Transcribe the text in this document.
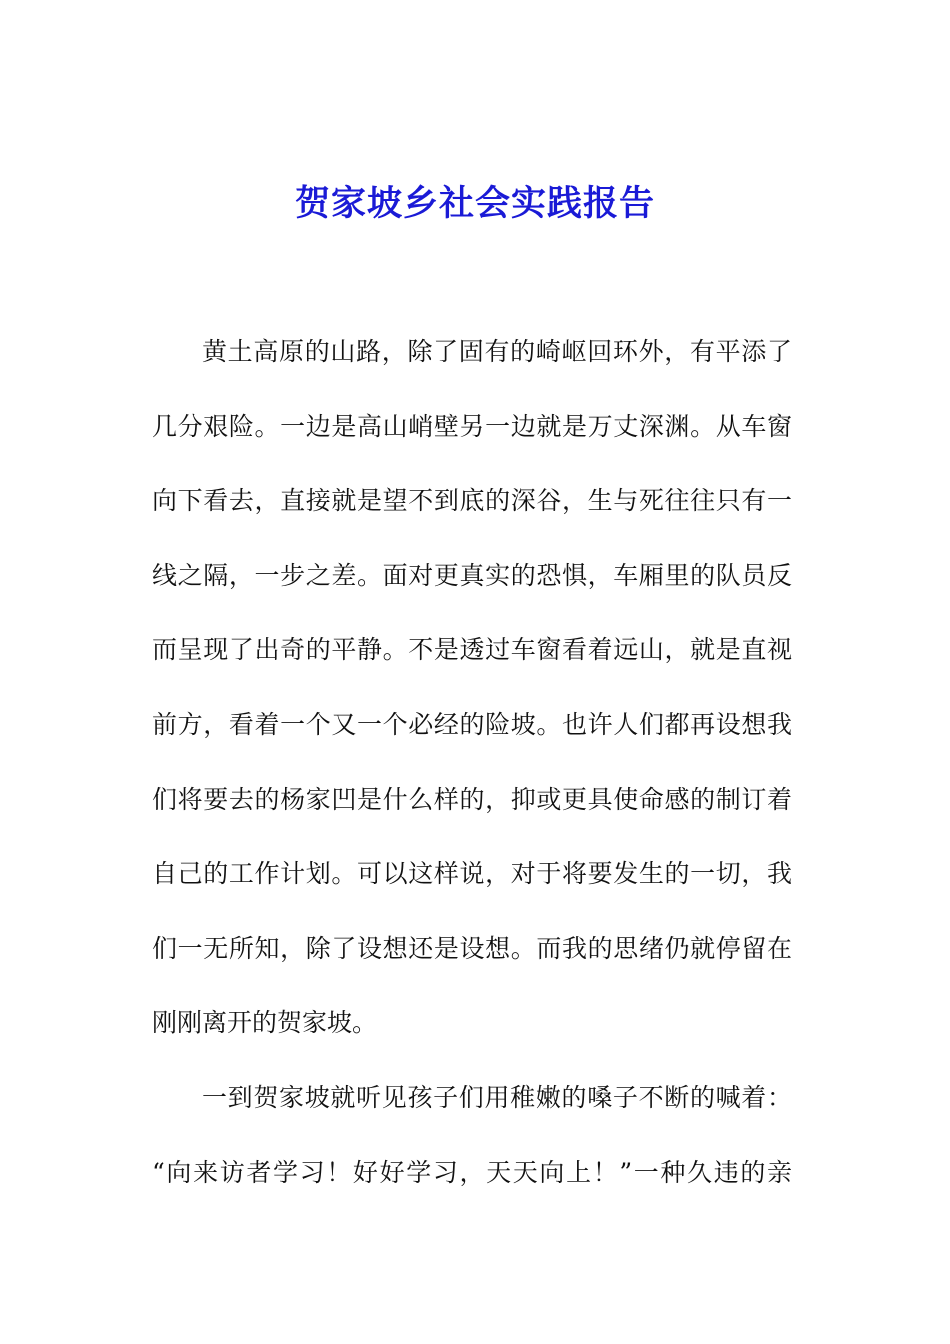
贺家坡乡社会实践报告
黄土高原的山路，除了固有的崎岖回环外，有平添了
几分艰险。一边是高山峭壁另一边就是万丈深渊。从车窗
向下看去，直接就是望不到底的深谷，生与死往往只有一
线之隔，一步之差。面对更真实的恐惧，车厢里的队员反
而呈现了出奇的平静。不是透过车窗看着远山，就是直视
前方，看着一个又一个必经的险坡。也许人们都再设想我
们将要去的杨家凹是什么样的，抑或更具使命感的制订着
自己的工作计划。可以这样说，对于将要发生的一切，我
们一无所知，除了设想还是设想。而我的思绪仍就停留在
刚刚离开的贺家坡。
一到贺家坡就听见孩子们用稚嫩的嗓子不断的喊着：
“向来访者学习！好好学习，天天向上！”一种久违的亲
